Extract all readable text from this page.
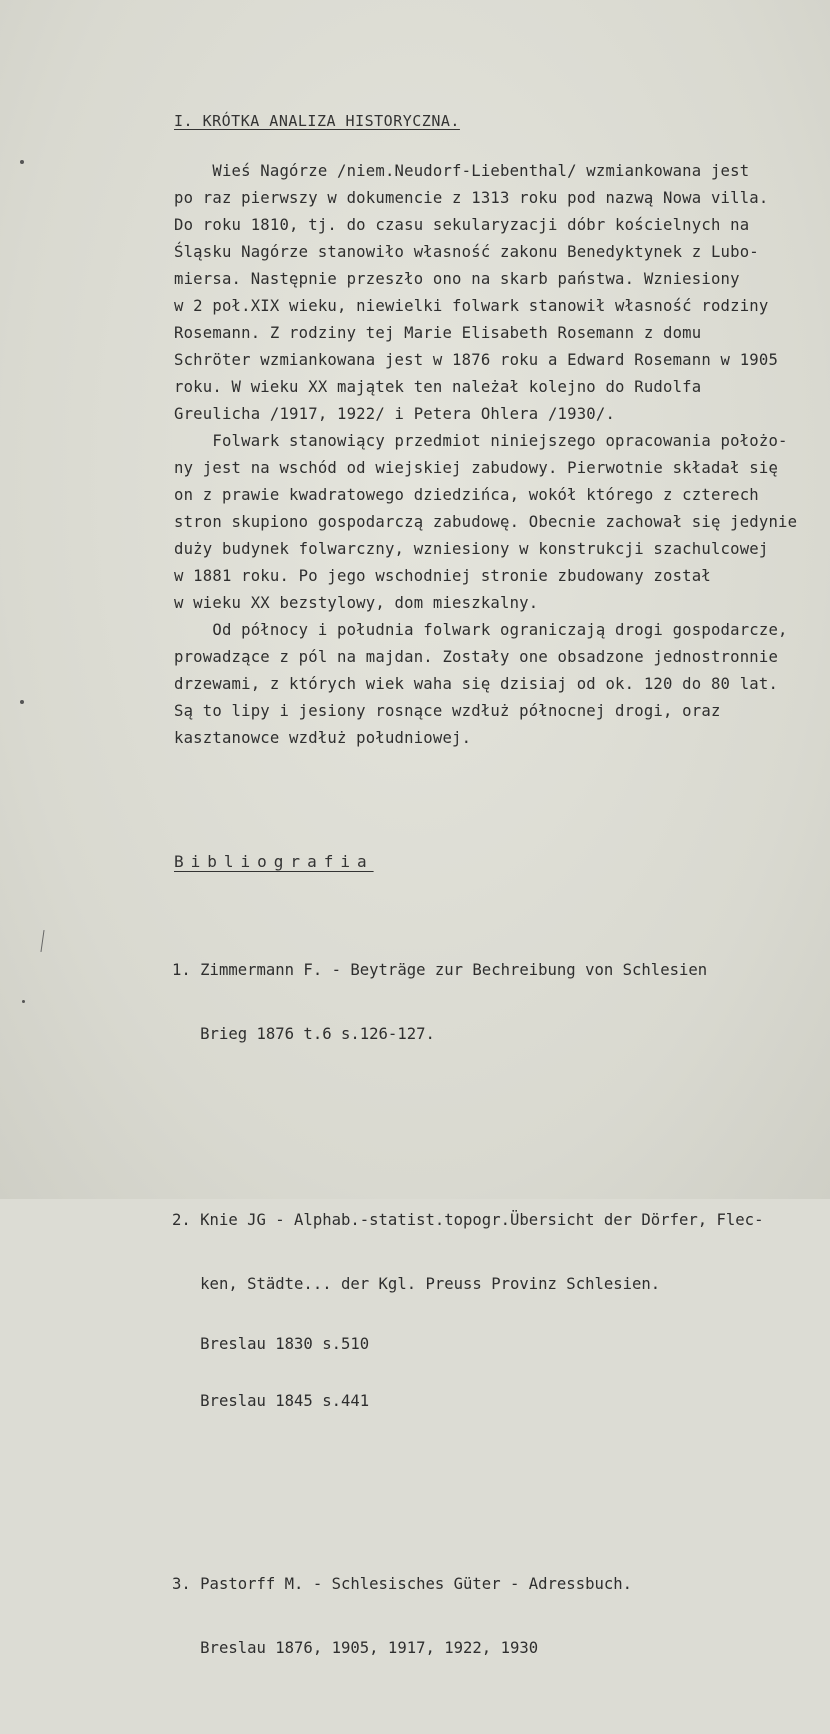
I. KRÓTKA ANALIZA HISTORYCZNA.
Wieś Nagórze /niem.Neudorf-Liebenthal/ wzmiankowana jest
po raz pierwszy w dokumencie z 1313 roku pod nazwą Nowa villa.
Do roku 1810, tj. do czasu sekularyzacji dóbr kościelnych na
Śląsku Nagórze stanowiło własność zakonu Benedyktynek z Lubo-
miersa. Następnie przeszło ono na skarb państwa. Wzniesiony
w 2 poł.XIX wieku, niewielki folwark stanowił własność rodziny
Rosemann. Z rodziny tej Marie Elisabeth Rosemann z domu
Schröter wzmiankowana jest w 1876 roku a Edward Rosemann w 1905
roku. W wieku XX majątek ten należał kolejno do Rudolfa
Greulicha /1917, 1922/ i Petera Ohlera /1930/.
Folwark stanowiący przedmiot niniejszego opracowania położo-
ny jest na wschód od wiejskiej zabudowy. Pierwotnie składał się
on z prawie kwadratowego dziedzińca, wokół którego z czterech
stron skupiono gospodarczą zabudowę. Obecnie zachował się jedynie
duży budynek folwarczny, wzniesiony w konstrukcji szachulcowej
w 1881 roku. Po jego wschodniej stronie zbudowany został
w wieku XX bezstylowy, dom mieszkalny.
Od północy i południa folwark ograniczają drogi gospodarcze,
prowadzące z pól na majdan. Zostały one obsadzone jednostronnie
drzewami, z których wiek waha się dzisiaj od ok. 120 do 80 lat.
Są to lipy i jesiony rosnące wzdłuż północnej drogi, oraz
kasztanowce wzdłuż południowej.
Bibliografia

1. Zimmermann F. - Beyträge zur Bechreibung von Schlesien

Brieg 1876 t.6 s.126-127.

2. Knie JG - Alphab.-statist.topogr.Übersicht der Dörfer, Flec-

ken, Städte... der Kgl. Preuss Provinz Schlesien.

Breslau 1830 s.510

Breslau 1845 s.441

3. Pastorff M. - Schlesisches Güter - Adressbuch.

Breslau 1876, 1905, 1917, 1922, 1930
